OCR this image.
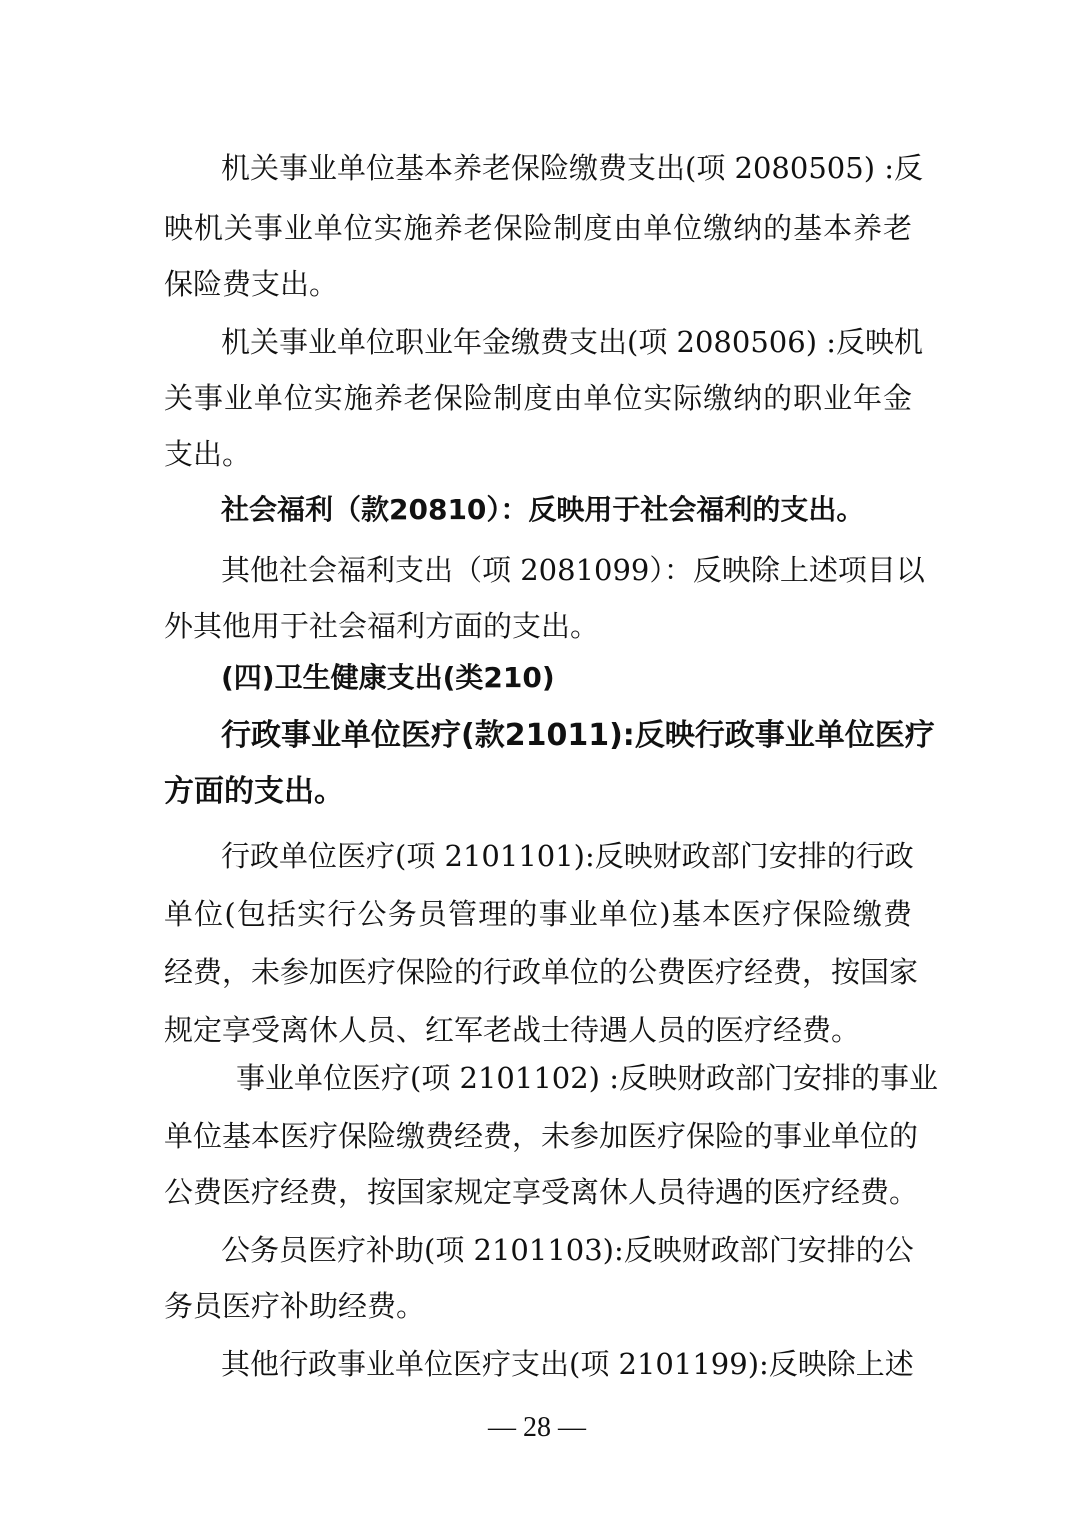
机关事业单位基本养老保险缴费支出(项 2080505) :反
映机关事业单位实施养老保险制度由单位缴纳的基本养老
保险费支出。
机关事业单位职业年金缴费支出(项 2080506) :反映机
关事业单位实施养老保险制度由单位实际缴纳的职业年金
支出。
社会福利（款20810）：反映用于社会福利的支出。
其他社会福利支出（项 2081099）：反映除上述项目以
外其他用于社会福利方面的支出。
(四)卫生健康支出(类210)
行政事业单位医疗(款21011):反映行政事业单位医疗
方面的支出。
行政单位医疗(项 2101101):反映财政部门安排的行政
单位(包括实行公务员管理的事业单位)基本医疗保险缴费
经费，未参加医疗保险的行政单位的公费医疗经费，按国家
规定享受离休人员、红军老战士待遇人员的医疗经费。
事业单位医疗(项 2101102) :反映财政部门安排的事业
单位基本医疗保险缴费经费，未参加医疗保险的事业单位的
公费医疗经费，按国家规定享受离休人员待遇的医疗经费。
公务员医疗补助(项 2101103):反映财政部门安排的公
务员医疗补助经费。
其他行政事业单位医疗支出(项 2101199):反映除上述
— 28 —
